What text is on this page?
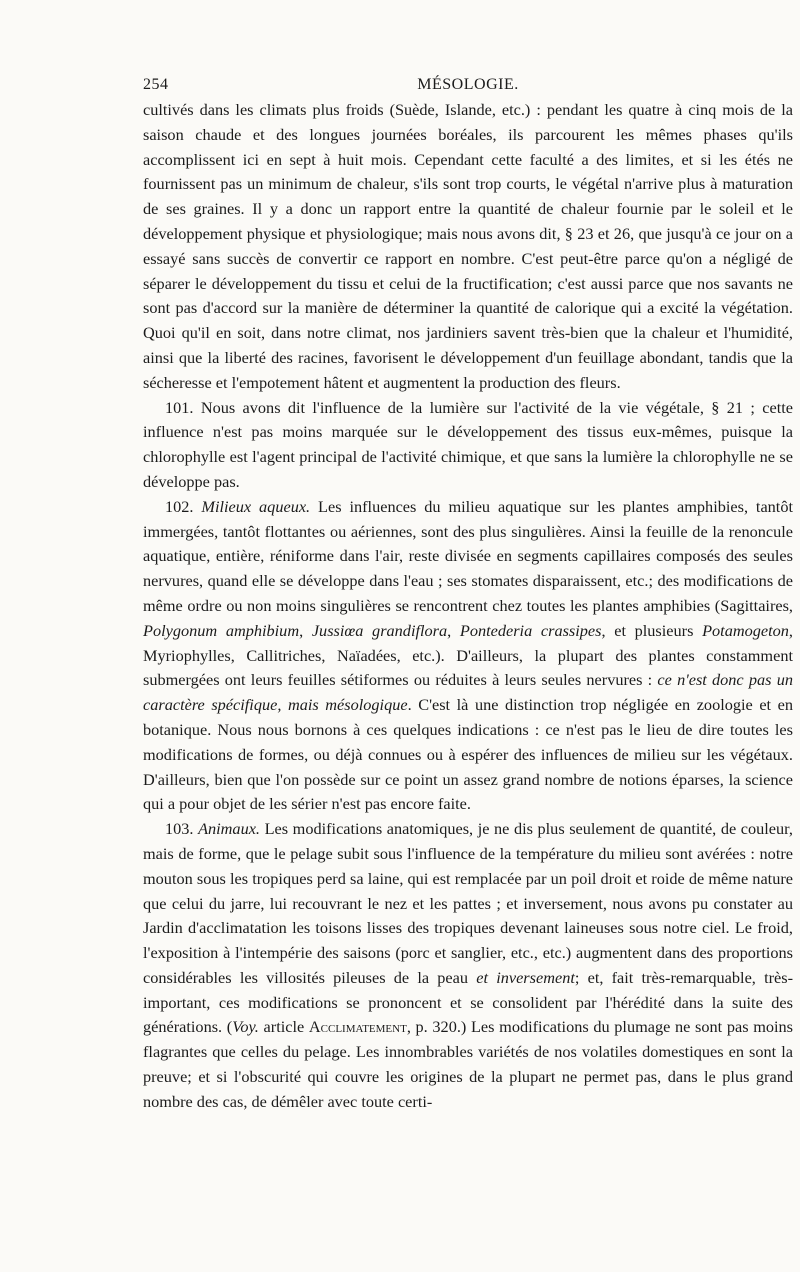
254	MÉSOLOGIE.

cultivés dans les climats plus froids (Suède, Islande, etc.) : pendant les quatre à cinq mois de la saison chaude et des longues journées boréales, ils parcourent les mêmes phases qu'ils accomplissent ici en sept à huit mois. Cependant cette faculté a des limites, et si les étés ne fournissent pas un minimum de chaleur, s'ils sont trop courts, le végétal n'arrive plus à maturation de ses graines. Il y a donc un rapport entre la quantité de chaleur fournie par le soleil et le développement physique et physiologique; mais nous avons dit, § 23 et 26, que jusqu'à ce jour on a essayé sans succès de convertir ce rapport en nombre. C'est peut-être parce qu'on a négligé de séparer le développement du tissu et celui de la fructification; c'est aussi parce que nos savants ne sont pas d'accord sur la manière de déterminer la quantité de calorique qui a excité la végétation. Quoi qu'il en soit, dans notre climat, nos jardiniers savent très-bien que la chaleur et l'humidité, ainsi que la liberté des racines, favorisent le développement d'un feuillage abondant, tandis que la sécheresse et l'empotement hâtent et augmentent la production des fleurs.

101. Nous avons dit l'influence de la lumière sur l'activité de la vie végétale, § 21 ; cette influence n'est pas moins marquée sur le développement des tissus eux-mêmes, puisque la chlorophylle est l'agent principal de l'activité chimique, et que sans la lumière la chlorophylle ne se développe pas.

102. Milieux aqueux. Les influences du milieu aquatique sur les plantes amphibies, tantôt immergées, tantôt flottantes ou aériennes, sont des plus singulières. Ainsi la feuille de la renoncule aquatique, entière, réniforme dans l'air, reste divisée en segments capillaires composés des seules nervures, quand elle se développe dans l'eau ; ses stomates disparaissent, etc.; des modifications de même ordre ou non moins singulières se rencontrent chez toutes les plantes amphibies (Sagittaires, Polygonum amphibium, Jussiœa grandiflora, Pontederia crassipes, et plusieurs Potamogeton, Myriophylles, Callitriches, Naïadées, etc.). D'ailleurs, la plupart des plantes constamment submergées ont leurs feuilles sétiformes ou réduites à leurs seules nervures : ce n'est donc pas un caractère spécifique, mais mésologique. C'est là une distinction trop négligée en zoologie et en botanique. Nous nous bornons à ces quelques indications : ce n'est pas le lieu de dire toutes les modifications de formes, ou déjà connues ou à espérer des influences de milieu sur les végétaux. D'ailleurs, bien que l'on possède sur ce point un assez grand nombre de notions éparses, la science qui a pour objet de les sérier n'est pas encore faite.

103. Animaux. Les modifications anatomiques, je ne dis plus seulement de quantité, de couleur, mais de forme, que le pelage subit sous l'influence de la température du milieu sont avérées : notre mouton sous les tropiques perd sa laine, qui est remplacée par un poil droit et roide de même nature que celui du jarre, lui recouvrant le nez et les pattes ; et inversement, nous avons pu constater au Jardin d'acclimatation les toisons lisses des tropiques devenant laineuses sous notre ciel. Le froid, l'exposition à l'intempérie des saisons (porc et sanglier, etc., etc.) augmentent dans des proportions considérables les villosités pileuses de la peau et inversement; et, fait très-remarquable, très-important, ces modifications se prononcent et se consolident par l'hérédité dans la suite des générations. (Voy. article Acclimatement, p. 320.) Les modifications du plumage ne sont pas moins flagrantes que celles du pelage. Les innombrables variétés de nos volatiles domestiques en sont la preuve; et si l'obscurité qui couvre les origines de la plupart ne permet pas, dans le plus grand nombre des cas, de démêler avec toute certi-
